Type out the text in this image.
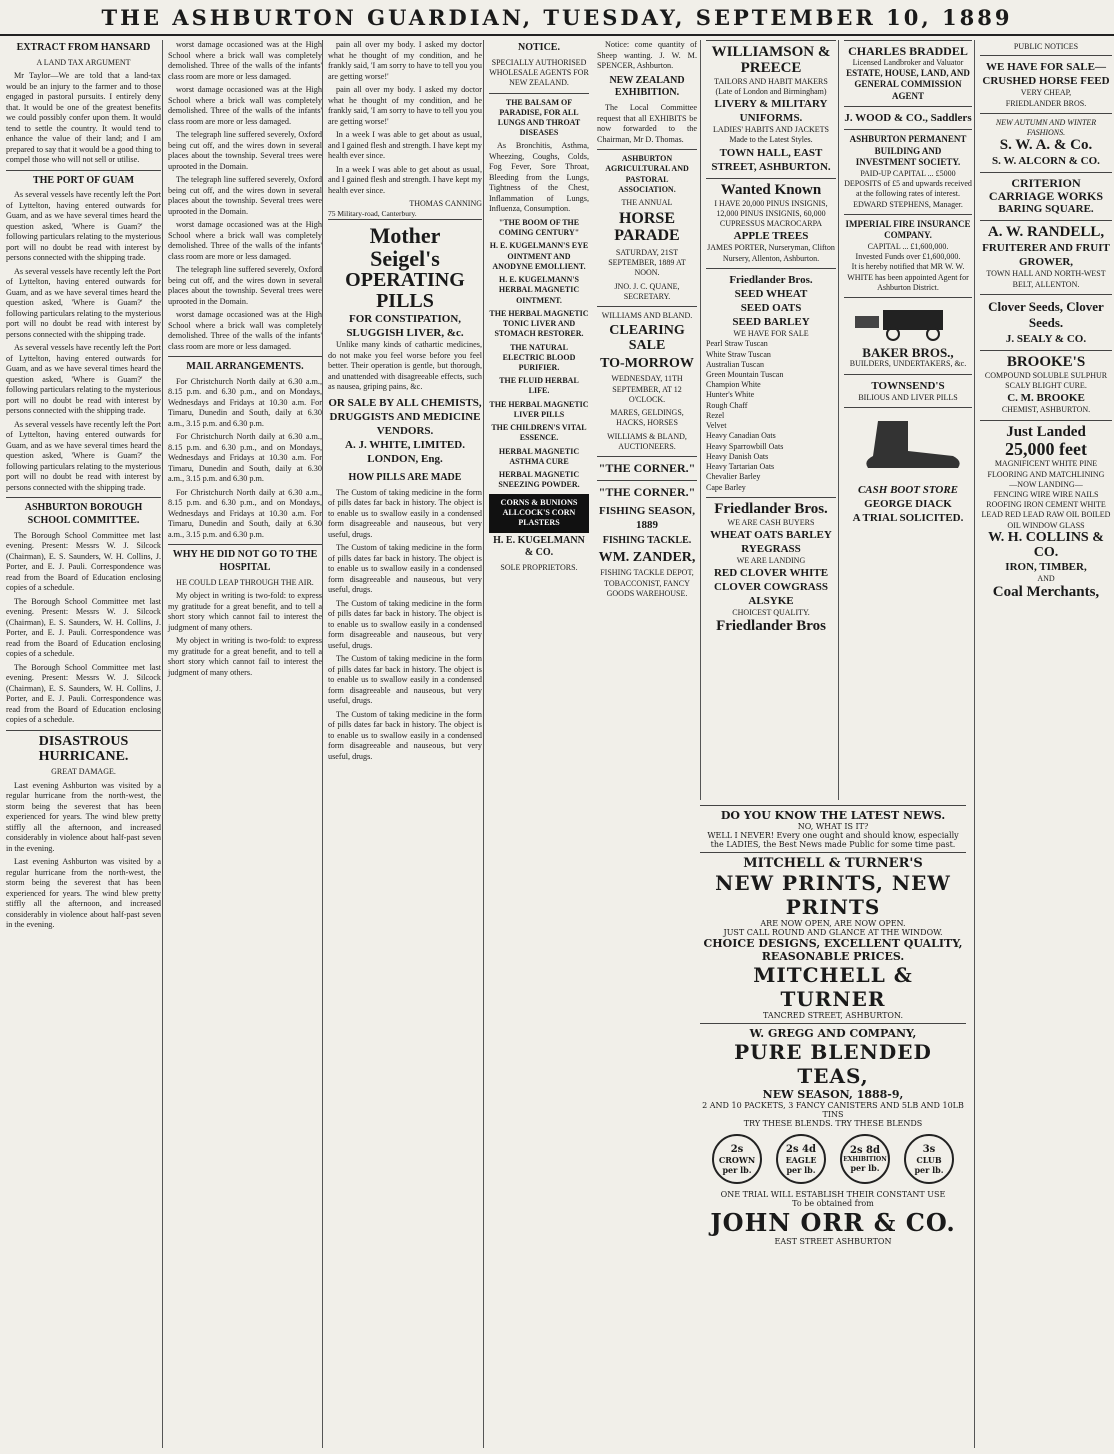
THE ASHBURTON GUARDIAN, TUESDAY, SEPTEMBER 10, 1889
EXTRACT FROM HANSARD
A LAND TAX ARGUMENT

Mr Taylor—We are told that a land-tax would be an injury to the farmer and to those engaged in pastoral pursuits. I entirely deny that. It would be one of the greatest benefits we could possibly confer upon them. It would tend to settle the country. It would tend to enhance the value of their land; and I am prepared to say that it would be a good thing to compel those who will not sell or utilise.

THE PORT OF GUAM

As several vessels have recently left the Port of Lyttelton, having entered outwards for Guam, and as we have several times heard the question asked, 'Where is Guam?' the following particulars relating to the mysterious port will no doubt be read with interest by persons connected with the shipping trade.

As several vessels have recently left the Port of Lyttelton, having entered outwards for Guam, and as we have several times heard the question asked, 'Where is Guam?' the following particulars relating to the mysterious port will no doubt be read with interest by persons connected with the shipping trade.

As several vessels have recently left the Port of Lyttelton, having entered outwards for Guam, and as we have several times heard the question asked, 'Where is Guam?' the following particulars relating to the mysterious port will no doubt be read with interest by persons connected with the shipping trade.

As several vessels have recently left the Port of Lyttelton, having entered outwards for Guam, and as we have several times heard the question asked, 'Where is Guam?' the following particulars relating to the mysterious port will no doubt be read with interest by persons connected with the shipping trade.

ASHBURTON BOROUGH SCHOOL COMMITTEE.

The Borough School Committee met last evening. Present: Messrs W. J. Silcock (Chairman), E. S. Saunders, W. H. Collins, J. Porter, and E. J. Pauli. Correspondence was read from the Board of Education enclosing copies of a schedule.

The Borough School Committee met last evening. Present: Messrs W. J. Silcock (Chairman), E. S. Saunders, W. H. Collins, J. Porter, and E. J. Pauli. Correspondence was read from the Board of Education enclosing copies of a schedule.

The Borough School Committee met last evening. Present: Messrs W. J. Silcock (Chairman), E. S. Saunders, W. H. Collins, J. Porter, and E. J. Pauli. Correspondence was read from the Board of Education enclosing copies of a schedule.

DISASTROUS HURRICANE.
GREAT DAMAGE.

Last evening Ashburton was visited by a regular hurricane from the north-west, the storm being the severest that has been experienced for years. The wind blew pretty stiffly all the afternoon, and increased considerably in violence about half-past seven in the evening.

Last evening Ashburton was visited by a regular hurricane from the north-west, the storm being the severest that has been experienced for years. The wind blew pretty stiffly all the afternoon, and increased considerably in violence about half-past seven in the evening.

worst damage occasioned was at the High School where a brick wall was completely demolished. Three of the walls of the infants' class room are more or less damaged.

worst damage occasioned was at the High School where a brick wall was completely demolished. Three of the walls of the infants' class room are more or less damaged.

The telegraph line suffered severely, Oxford being cut off, and the wires down in several places about the township. Several trees were uprooted in the Domain.

The telegraph line suffered severely, Oxford being cut off, and the wires down in several places about the township. Several trees were uprooted in the Domain.

worst damage occasioned was at the High School where a brick wall was completely demolished. Three of the walls of the infants' class room are more or less damaged.

The telegraph line suffered severely, Oxford being cut off, and the wires down in several places about the township. Several trees were uprooted in the Domain.

worst damage occasioned was at the High School where a brick wall was completely demolished. Three of the walls of the infants' class room are more or less damaged.

MAIL ARRANGEMENTS.

For Christchurch North daily at 6.30 a.m., 8.15 p.m. and 6.30 p.m., and on Mondays, Wednesdays and Fridays at 10.30 a.m. For Timaru, Dunedin and South, daily at 6.30 a.m., 3.15 p.m. and 6.30 p.m.

For Christchurch North daily at 6.30 a.m., 8.15 p.m. and 6.30 p.m., and on Mondays, Wednesdays and Fridays at 10.30 a.m. For Timaru, Dunedin and South, daily at 6.30 a.m., 3.15 p.m. and 6.30 p.m.

For Christchurch North daily at 6.30 a.m., 8.15 p.m. and 6.30 p.m., and on Mondays, Wednesdays and Fridays at 10.30 a.m. For Timaru, Dunedin and South, daily at 6.30 a.m., 3.15 p.m. and 6.30 p.m.

WHY HE DID NOT GO TO THE HOSPITAL
HE COULD LEAP THROUGH THE AIR.

My object in writing is two-fold: to express my gratitude for a great benefit, and to tell a short story which cannot fail to interest the judgment of many others.

My object in writing is two-fold: to express my gratitude for a great benefit, and to tell a short story which cannot fail to interest the judgment of many others.

pain all over my body. I asked my doctor what he thought of my condition, and he frankly said, 'I am sorry to have to tell you you are getting worse!'

pain all over my body. I asked my doctor what he thought of my condition, and he frankly said, 'I am sorry to have to tell you you are getting worse!'

In a week I was able to get about as usual, and I gained flesh and strength. I have kept my health ever since.

In a week I was able to get about as usual, and I gained flesh and strength. I have kept my health ever since.

THOMAS CANNING
75 Military-road, Canterbury.
Mother
Seigel's
OPERATING PILLS
FOR CONSTIPATION, SLUGGISH LIVER, &c.

Unlike many kinds of cathartic medicines, do not make you feel worse before you feel better. Their operation is gentle, but thorough, and unattended with disagreeable effects, such as nausea, griping pains, &c.

OR SALE BY ALL CHEMISTS, DRUGGISTS AND MEDICINE VENDORS.
A. J. WHITE, LIMITED. LONDON, Eng.
HOW PILLS ARE MADE

The Custom of taking medicine in the form of pills dates far back in history. The object is to enable us to swallow easily in a condensed form disagreeable and nauseous, but very useful, drugs.

The Custom of taking medicine in the form of pills dates far back in history. The object is to enable us to swallow easily in a condensed form disagreeable and nauseous, but very useful, drugs.

The Custom of taking medicine in the form of pills dates far back in history. The object is to enable us to swallow easily in a condensed form disagreeable and nauseous, but very useful, drugs.

The Custom of taking medicine in the form of pills dates far back in history. The object is to enable us to swallow easily in a condensed form disagreeable and nauseous, but very useful, drugs.

The Custom of taking medicine in the form of pills dates far back in history. The object is to enable us to swallow easily in a condensed form disagreeable and nauseous, but very useful, drugs.

NOTICE.
SPECIALLY AUTHORISED WHOLESALE AGENTS FOR NEW ZEALAND.
THE BALSAM OF PARADISE, FOR ALL LUNGS AND THROAT DISEASES

As Bronchitis, Asthma, Wheezing, Coughs, Colds, Fog Fever, Sore Throat, Bleeding from the Lungs, Tightness of the Chest, Inflammation of Lungs, Influenza, Consumption.

"THE BOOM OF THE COMING CENTURY"
H. E. KUGELMANN'S EYE OINTMENT AND ANODYNE EMOLLIENT.
H. E. KUGELMANN'S HERBAL MAGNETIC OINTMENT.
THE HERBAL MAGNETIC TONIC LIVER AND STOMACH RESTORER.
THE NATURAL ELECTRIC BLOOD PURIFIER.
THE FLUID HERBAL LIFE.
THE HERBAL MAGNETIC LIVER PILLS
THE CHILDREN'S VITAL ESSENCE.
HERBAL MAGNETIC ASTHMA CURE
HERBAL MAGNETIC SNEEZING POWDER.
CORNS & BUNIONS
ALLCOCK'S CORN PLASTERS
H. E. KUGELMANN & CO.
SOLE PROPRIETORS.

Notice: come quantity of Sheep wanting. J. W. M. SPENCER, Ashburton.

NEW ZEALAND EXHIBITION.

The Local Committee request that all EXHIBITS be now forwarded to the Chairman, Mr D. Thomas.

ASHBURTON AGRICULTURAL AND PASTORAL ASSOCIATION.
THE ANNUAL
HORSE PARADE
SATURDAY, 21ST SEPTEMBER, 1889 AT NOON.
JNO. J. C. QUANE, SECRETARY.
WILLIAMS AND BLAND.
CLEARING SALE
TO-MORROW
WEDNESDAY, 11TH SEPTEMBER, AT 12 O'CLOCK.
MARES, GELDINGS, HACKS, HORSES
WILLIAMS & BLAND, AUCTIONEERS.
"THE CORNER."
"THE CORNER."
FISHING SEASON, 1889
FISHING TACKLE.
WM. ZANDER,
FISHING TACKLE DEPOT, TOBACCONIST, FANCY GOODS WAREHOUSE.
WILLIAMSON & PREECE
TAILORS AND HABIT MAKERS (Late of London and Birmingham)
LIVERY & MILITARY UNIFORMS.
LADIES' HABITS AND JACKETS Made to the Latest Styles.
TOWN HALL, EAST STREET, ASHBURTON.
Wanted Known
I HAVE 20,000 PINUS INSIGNIS, 12,000 PINUS INSIGNIS, 60,000 CUPRESSUS MACROCARPA
APPLE TREES
JAMES PORTER, Nurseryman, Clifton Nursery, Allenton, Ashburton.
Friedlander Bros.
SEED WHEAT
SEED OATS
SEED BARLEY
WE HAVE FOR SALE
Pearl Straw Tuscan
White Straw Tuscan
Australian Tuscan
Green Mountain Tuscan
Champion White
Hunter's White
Rough Chaff
Rezel
Velvet
Heavy Canadian Oats
Heavy Sparrowbill Oats
Heavy Danish Oats
Heavy Tartarian Oats
Chevalier Barley
Cape Barley
Friedlander Bros.
WE ARE CASH BUYERS
WHEAT OATS BARLEY RYEGRASS
WE ARE LANDING
RED CLOVER WHITE CLOVER COWGRASS ALSYKE
CHOICEST QUALITY.
Friedlander Bros
CHARLES BRADDEL
Licensed Landbroker and Valuator
ESTATE, HOUSE, LAND, AND GENERAL COMMISSION AGENT
J. WOOD & CO., Saddlers
ASHBURTON PERMANENT BUILDING AND INVESTMENT SOCIETY.
PAID-UP CAPITAL ... £5000
DEPOSITS of £5 and upwards received at the following rates of interest.
EDWARD STEPHENS, Manager.
IMPERIAL FIRE INSURANCE COMPANY.
CAPITAL ... £1,600,000.
Invested Funds over £1,600,000.
It is hereby notified that MR W. W. WHITE has been appointed Agent for Ashburton District.
BAKER BROS.,
BUILDERS, UNDERTAKERS, &c.
TOWNSEND'S
BILIOUS AND LIVER PILLS
CASH BOOT STORE
GEORGE DIACK
A TRIAL SOLICITED.
PUBLIC NOTICES
WE HAVE FOR SALE—CRUSHED HORSE FEED
VERY CHEAP,
FRIEDLANDER BROS.
NEW AUTUMN AND WINTER FASHIONS.
S. W. A. & Co.
S. W. ALCORN & CO.
CRITERION CARRIAGE WORKS
BARING SQUARE.
A. W. RANDELL,
FRUITERER AND FRUIT GROWER,
TOWN HALL AND NORTH-WEST BELT, ALLENTON.
Clover Seeds, Clover Seeds.
J. SEALY & CO.
BROOKE'S
COMPOUND SOLUBLE SULPHUR SCALY BLIGHT CURE.
C. M. BROOKE
CHEMIST, ASHBURTON.
Just Landed
25,000 feet
MAGNIFICENT WHITE PINE FLOORING AND MATCHLINING
—NOW LANDING—
FENCING WIRE WIRE NAILS ROOFING IRON CEMENT WHITE LEAD RED LEAD RAW OIL BOILED OIL WINDOW GLASS
W. H. COLLINS & CO.
IRON, TIMBER,
AND
Coal Merchants,
DO YOU KNOW THE LATEST NEWS.
NO, WHAT IS IT?
WELL I NEVER! Every one ought and should know, especially the LADIES, the Best News made Public for some time past.
MITCHELL & TURNER'S
NEW PRINTS, NEW PRINTS
ARE NOW OPEN, ARE NOW OPEN.
JUST CALL ROUND AND GLANCE AT THE WINDOW.
CHOICE DESIGNS, EXCELLENT QUALITY, REASONABLE PRICES.
MITCHELL & TURNER
TANCRED STREET, ASHBURTON.
W. GREGG AND COMPANY,
PURE BLENDED TEAS,
NEW SEASON, 1888-9,
2 AND 10 PACKETS, 3 FANCY CANISTERS AND 5LB AND 10LB TINS
TRY THESE BLENDS. TRY THESE BLENDS
2s
CROWN
per lb.
2s 4d
EAGLE
per lb.
2s 8d
EXHIBITION
per lb.
3s
CLUB
per lb.
ONE TRIAL WILL ESTABLISH THEIR CONSTANT USE
To be obtained from
JOHN ORR & CO.
EAST STREET ASHBURTON
